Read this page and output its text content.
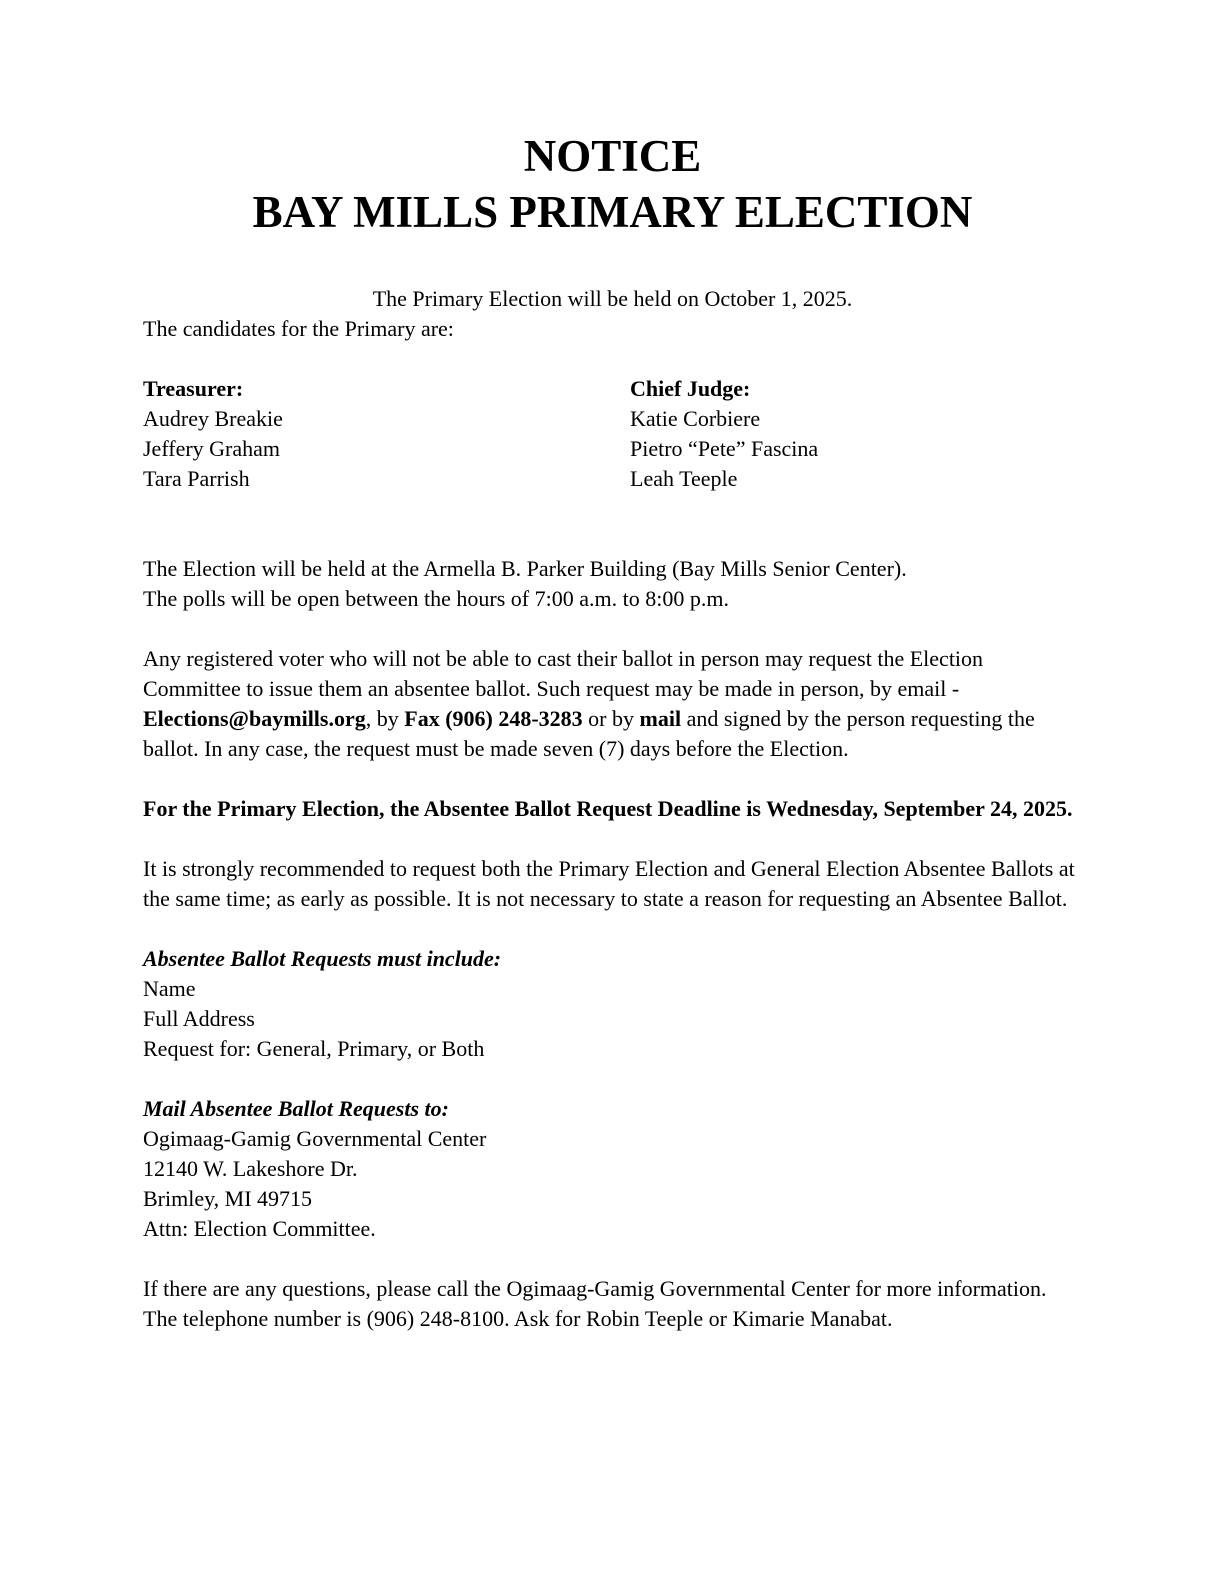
NOTICE
BAY MILLS PRIMARY ELECTION

The Primary Election will be held on October 1, 2025.

The candidates for the Primary are:

Treasurer:

Audrey Breakie

Jeffery Graham

Tara Parrish

Chief Judge:

Katie Corbiere

Pietro “Pete” Fascina

Leah Teeple

The Election will be held at the Armella B. Parker Building (Bay Mills Senior Center).

The polls will be open between the hours of 7:00 a.m. to 8:00 p.m.

Any registered voter who will not be able to cast their ballot in person may request the Election Committee to issue them an absentee ballot. Such request may be made in person, by email - Elections@baymills.org, by Fax (906) 248-3283 or by mail and signed by the person requesting the ballot. In any case, the request must be made seven (7) days before the Election.

For the Primary Election, the Absentee Ballot Request Deadline is Wednesday, September 24, 2025.

It is strongly recommended to request both the Primary Election and General Election Absentee Ballots at the same time; as early as possible. It is not necessary to state a reason for requesting an Absentee Ballot.

Absentee Ballot Requests must include:

Name

Full Address

Request for: General, Primary, or Both

Mail Absentee Ballot Requests to:

Ogimaag-Gamig Governmental Center

12140 W. Lakeshore Dr.

Brimley, MI 49715

Attn: Election Committee.

If there are any questions, please call the Ogimaag-Gamig Governmental Center for more information. The telephone number is (906) 248-8100. Ask for Robin Teeple or Kimarie Manabat.
